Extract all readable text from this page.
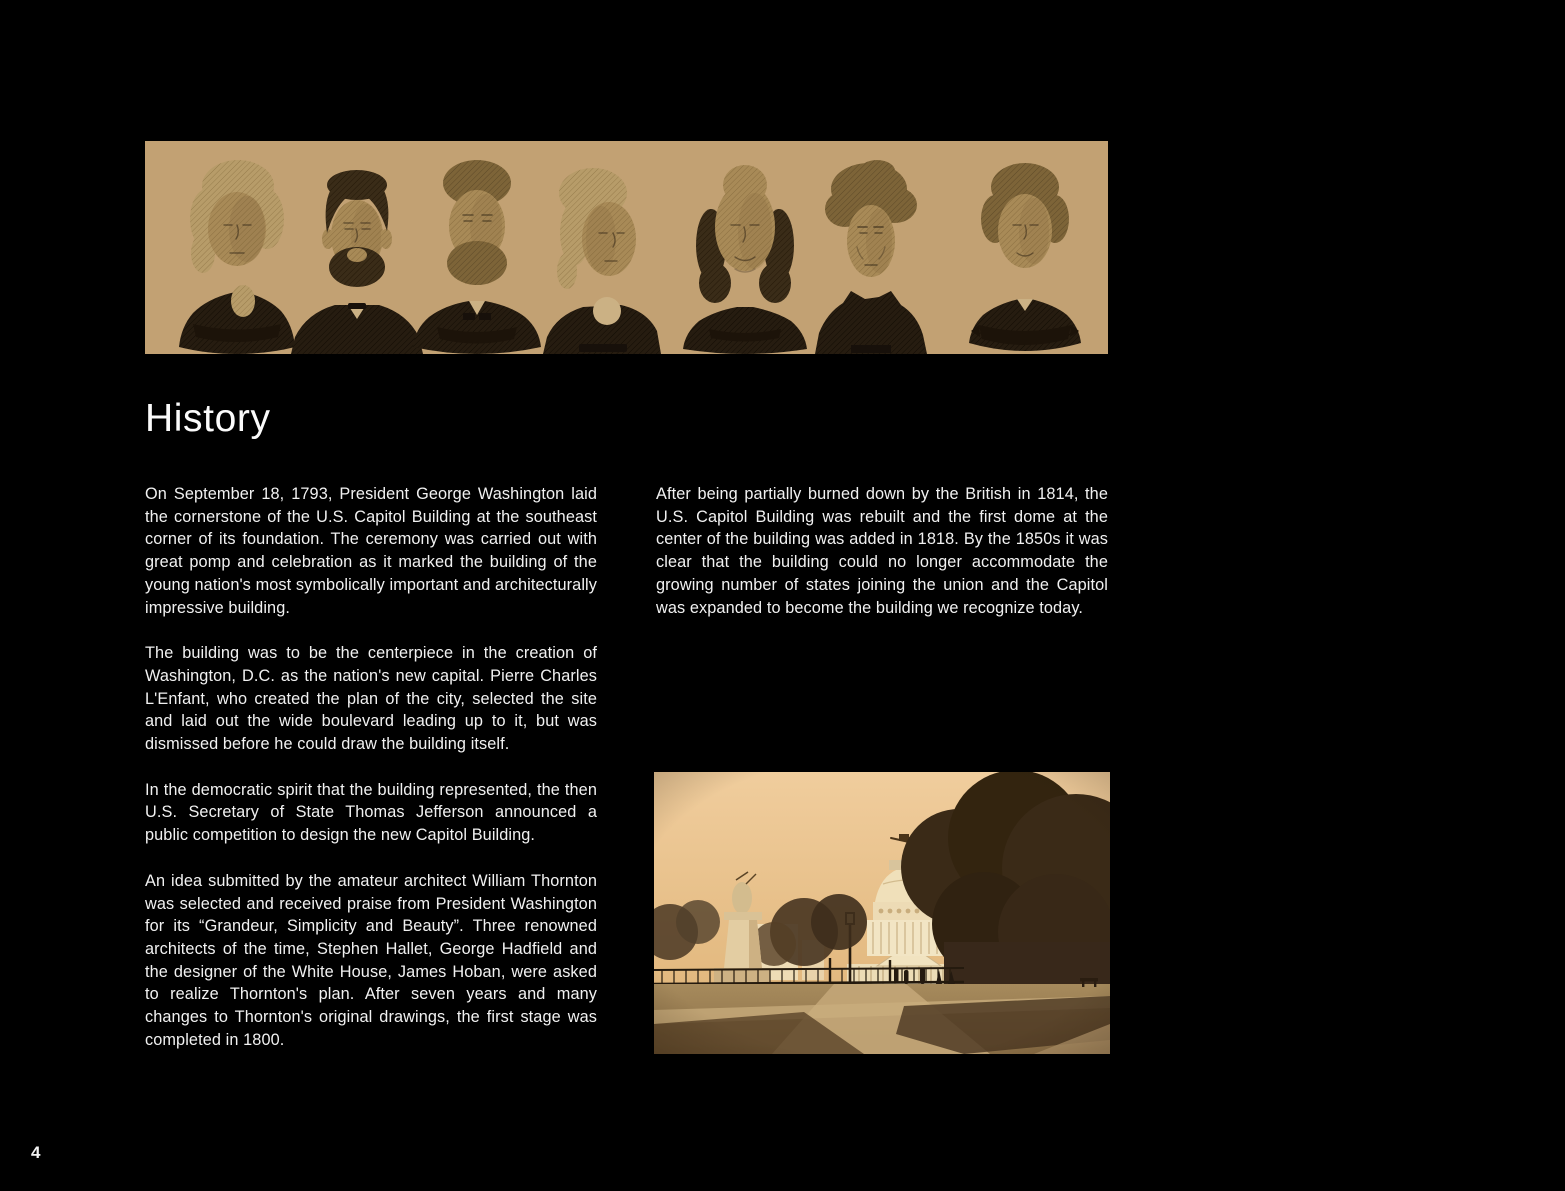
History

On September 18, 1793, President George Washington laid the cornerstone of the U.S. Capitol Building at the southeast corner of its foundation. The ceremony was carried out with great pomp and celebration as it marked the building of the young nation's most symbolically important and architecturally impressive building.

The building was to be the centerpiece in the creation of Washington, D.C. as the nation's new capital. Pierre Charles L'Enfant, who created the plan of the city, selected the site and laid out the wide boulevard leading up to it, but was dismissed before he could draw the building itself.

In the democratic spirit that the building represented, the then U.S. Secretary of State Thomas Jefferson announced a public competition to design the new Capitol Building.

An idea submitted by the amateur architect William Thornton was selected and received praise from President Washington for its “Grandeur, Simplicity and Beauty”. Three renowned architects of the time, Stephen Hallet, George Hadfield and the designer of the White House, James Hoban, were asked to realize Thornton's plan. After seven years and many changes to Thornton's original drawings, the first stage was completed in 1800.

After being partially burned down by the British in 1814, the U.S. Capitol Building was rebuilt and the first dome at the center of the building was added in 1818. By the 1850s it was clear that the building could no longer accommodate the growing number of states joining the union and the Capitol was expanded to become the building we recognize today.

4
